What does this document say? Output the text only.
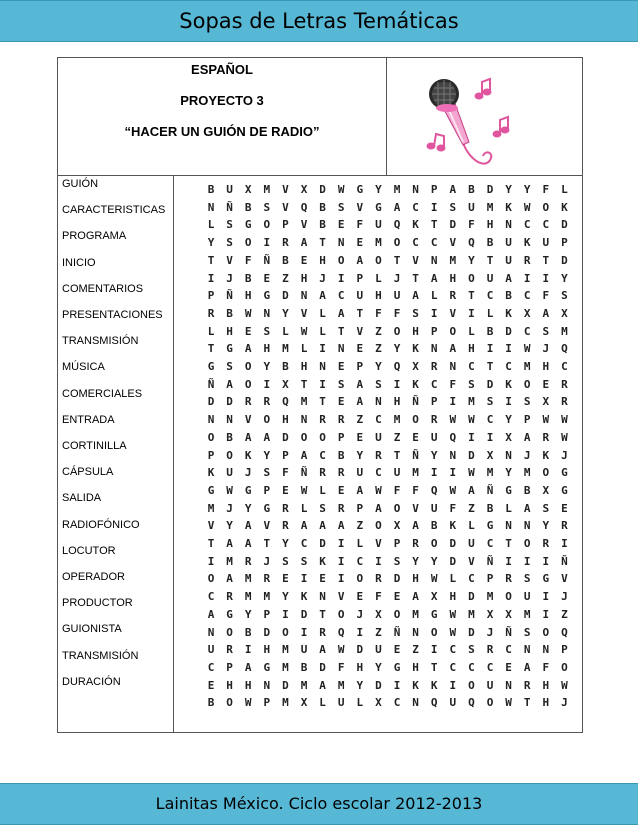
Sopas de Letras Temáticas
ESPAÑOL
PROYECTO 3
“HACER UN GUIÓN DE RADIO”
GUIÓN
CARACTERISTICAS
PROGRAMA
INICIO
COMENTARIOS
PRESENTACIONES
TRANSMISIÓN
MÚSICA
COMERCIALES
ENTRADA
CORTINILLA
CÁPSULA
SALIDA
RADIOFÓNICO
LOCUTOR
OPERADOR
PRODUCTOR
GUIONISTA
TRANSMISIÓN
DURACIÓN
B	U	X	M	V	X	D	W	G	Y	M	N	P	A	B	D	Y	Y	F	L
N	Ñ	B	S	V	Q	B	S	V	G	A	C	I	S	U	M	K	W	O	K
L	S	G	O	P	V	B	E	F	U	Q	K	T	D	F	H	N	C	C	D
Y	S	O	I	R	A	T	N	E	M	O	C	C	V	Q	B	U	K	U	P
T	V	F	Ñ	B	E	H	O	A	O	T	V	N	M	Y	T	U	R	T	D
I	J	B	E	Z	H	J	I	P	L	J	T	A	H	O	U	A	I	I	Y
P	Ñ	H	G	D	N	A	C	U	H	U	A	L	R	T	C	B	C	F	S
R	B	W	N	Y	V	L	A	T	F	F	S	I	V	I	L	K	X	A	X
L	H	E	S	L	W	L	T	V	Z	O	H	P	O	L	B	D	C	S	M
T	G	A	H	M	L	I	N	E	Z	Y	K	N	A	H	I	I	W	J	Q
G	S	O	Y	B	H	N	E	P	Y	Q	X	R	N	C	T	C	M	H	C
Ñ	A	O	I	X	T	I	S	A	S	I	K	C	F	S	D	K	O	E	R
D	D	R	R	Q	M	T	E	A	N	H	Ñ	P	I	M	S	I	S	X	R
N	N	V	O	H	N	R	R	Z	C	M	O	R	W	W	C	Y	P	W	W
O	B	A	A	D	O	O	P	E	U	Z	E	U	Q	I	I	X	A	R	W
P	O	K	Y	P	A	C	B	Y	R	T	Ñ	Y	N	D	X	N	J	K	J
K	U	J	S	F	Ñ	R	R	U	C	U	M	I	I	W	M	Y	M	O	G
G	W	G	P	E	W	L	E	A	W	F	F	Q	W	A	Ñ	G	B	X	G
M	J	Y	G	R	L	S	R	P	A	O	V	U	F	Z	B	L	A	S	E
V	Y	A	V	R	A	A	A	Z	O	X	A	B	K	L	G	N	N	Y	R
T	A	A	T	Y	C	D	I	L	V	P	R	O	D	U	C	T	O	R	I
I	M	R	J	S	S	K	I	C	I	S	Y	Y	D	V	Ñ	I	I	I	Ñ
O	A	M	R	E	I	E	I	O	R	D	H	W	L	C	P	R	S	G	V
C	R	M	M	Y	K	N	V	E	F	E	A	X	H	D	M	O	U	I	J
A	G	Y	P	I	D	T	O	J	X	O	M	G	W	M	X	X	M	I	Z
N	O	B	D	O	I	R	Q	I	Z	Ñ	N	O	W	D	J	Ñ	S	O	Q
U	R	I	H	M	U	A	W	D	U	E	Z	I	C	S	R	C	N	N	P
C	P	A	G	M	B	D	F	H	Y	G	H	T	C	C	C	E	A	F	O
E	H	H	N	D	M	A	M	Y	D	I	K	K	I	O	U	N	R	H	W
B	O	W	P	M	X	L	U	L	X	C	N	Q	U	Q	O	W	T	H	J
Lainitas México. Ciclo escolar 2012-2013
